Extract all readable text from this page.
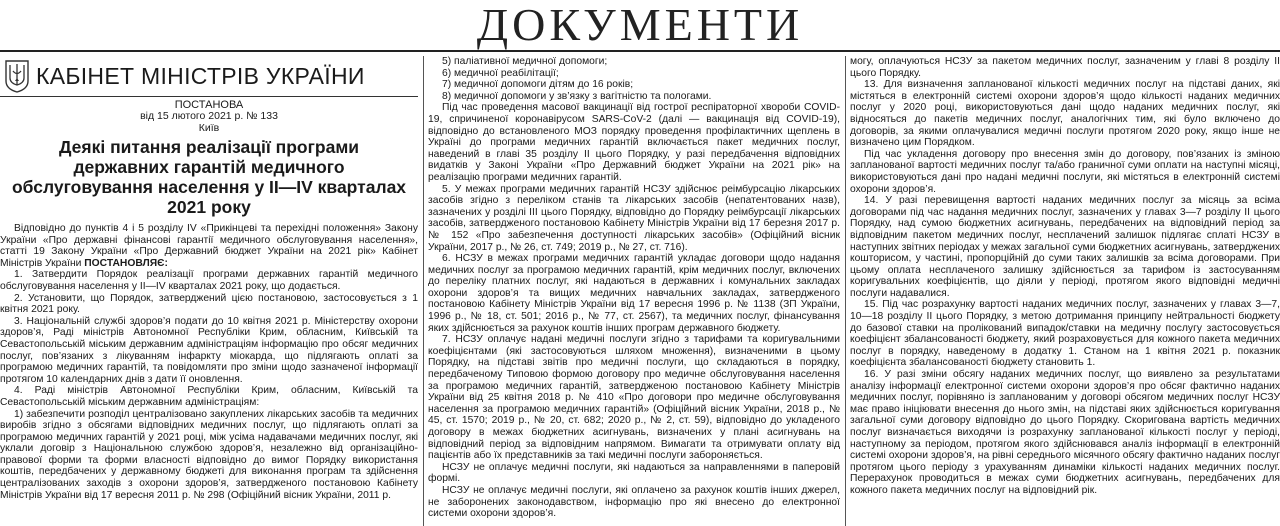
ДОКУМЕНТИ
КАБІНЕТ МІНІСТРІВ УКРАЇНИ
ПОСТАНОВА
від 15 лютого 2021 р. № 133
Київ
Деякі питання реалізації програми державних гарантій медичного обслуговування населення у II—IV кварталах 2021 року

Відповідно до пунктів 4 і 5 розділу IV «Прикінцеві та перехідні положення» Закону України «Про державні фінансові гарантії медичного обслуговування населення», статті 19 Закону України «Про Державний бюджет України на 2021 рік» Кабінет Міністрів України ПОСТАНОВЛЯЄ:

1. Затвердити Порядок реалізації програми державних гарантій медичного обслуговування населення у II—IV кварталах 2021 року, що додається.

2. Установити, що Порядок, затверджений цією постановою, застосовується з 1 квітня 2021 року.

3. Національній службі здоров’я подати до 10 квітня 2021 р. Міністерству охорони здоров’я, Раді міністрів Автономної Республіки Крим, обласним, Київській та Севастопольській міським державним адміністраціям інформацію про обсяг медичних послуг, пов’язаних з лікуванням інфаркту міокарда, що підлягають оплаті за програмою медичних гарантій, та повідомляти про зміни щодо зазначеної інформації протягом 10 календарних днів з дати її оновлення.

4. Раді міністрів Автономної Республіки Крим, обласним, Київській та Севастопольській міським державним адміністраціям:

1) забезпечити розподіл централізовано закуплених лікарських засобів та медичних виробів згідно з обсягами відповідних медичних послуг, що підлягають оплаті за програмою медичних гарантій у 2021 році, між усіма надавачами медичних послуг, які уклали договір з Національною службою здоров’я, незалежно від організаційно-правової форми та форми власності відповідно до вимог Порядку використання коштів, передбачених у державному бюджеті для виконання програм та здійснення централізованих заходів з охорони здоров’я, затвердженого постановою Кабінету Міністрів України від 17 вересня 2011 р. № 298 (Офіційний вісник України, 2011 р.

5) паліативної медичної допомоги;

6) медичної реабілітації;

7) медичної допомоги дітям до 16 років;

8) медичної допомоги у зв’язку з вагітністю та пологами.

Під час проведення масової вакцинації від гострої респіраторної хвороби COVID-19, спричиненої коронавірусом SARS-CoV-2 (далі — вакцинація від COVID-19), відповідно до встановленого МОЗ порядку проведення профілактичних щеплень в Україні до програми медичних гарантій включається пакет медичних послуг, наведений в главі 35 розділу II цього Порядку, у разі передбачення відповідних видатків у Законі України «Про Державний бюджет України на 2021 рік» на реалізацію програми медичних гарантій.

5. У межах програми медичних гарантій НСЗУ здійснює реімбурсацію лікарських засобів згідно з переліком станів та лікарських засобів (непатентованих назв), зазначених у розділі III цього Порядку, відповідно до Порядку реімбурсації лікарських засобів, затвердженого постановою Кабінету Міністрів України від 17 березня 2017 р. № 152 «Про забезпечення доступності лікарських засобів» (Офіційний вісник України, 2017 р., № 26, ст. 749; 2019 р., № 27, ст. 716).

6. НСЗУ в межах програми медичних гарантій укладає договори щодо надання медичних послуг за програмою медичних гарантій, крім медичних послуг, включених до переліку платних послуг, які надаються в державних і комунальних закладах охорони здоров’я та вищих медичних навчальних закладах, затвердженого постановою Кабінету Міністрів України від 17 вересня 1996 р. № 1138 (ЗП України, 1996 р., № 18, ст. 501; 2016 р., № 77, ст. 2567), та медичних послуг, фінансування яких здійснюється за рахунок коштів інших програм державного бюджету.

7. НСЗУ оплачує надані медичні послуги згідно з тарифами та коригувальними коефіцієнтами (які застосовуються шляхом множення), визначеними в цьому Порядку, на підставі звітів про медичні послуги, що складаються в порядку, передбаченому Типовою формою договору про медичне обслуговування населення за програмою медичних гарантій, затвердженою постановою Кабінету Міністрів України від 25 квітня 2018 р. № 410 «Про договори про медичне обслуговування населення за програмою медичних гарантій» (Офіційний вісник України, 2018 р., № 45, ст. 1570; 2019 р., № 20, ст. 682; 2020 р., № 2, ст. 59), відповідно до укладеного договору в межах бюджетних асигнувань, визначених у плані асигнувань на відповідний період за відповідним напрямом. Вимагати та отримувати оплату від пацієнтів або їх представників за такі медичні послуги забороняється.

НСЗУ не оплачує медичні послуги, які надаються за направленнями в паперовій формі.

НСЗУ не оплачує медичні послуги, які оплачено за рахунок коштів інших джерел, не заборонених законодавством, інформацію про які внесено до електронної системи охорони здоров’я.

могу, оплачуються НСЗУ за пакетом медичних послуг, зазначеним у главі 8 розділу II цього Порядку.

13. Для визначення запланованої кількості медичних послуг на підставі даних, які містяться в електронній системі охорони здоров’я щодо кількості наданих медичних послуг у 2020 році, використовуються дані щодо наданих медичних послуг, які відносяться до пакетів медичних послуг, аналогічних тим, які було включено до договорів, за якими оплачувалися медичні послуги протягом 2020 року, якщо інше не визначено цим Порядком.

Під час укладення договору про внесення змін до договору, пов’язаних із зміною запланованої вартості медичних послуг та/або граничної суми оплати на наступні місяці, використовуються дані про надані медичні послуги, які містяться в електронній системі охорони здоров’я.

14. У разі перевищення вартості наданих медичних послуг за місяць за всіма договорами під час надання медичних послуг, зазначених у главах 3—7 розділу II цього Порядку, над сумою бюджетних асигнувань, передбачених на відповідний період за відповідним пакетом медичних послуг, несплачений залишок підлягає сплаті НСЗУ в наступних звітних періодах у межах загальної суми бюджетних асигнувань, затверджених кошторисом, у частині, пропорційній до суми таких залишків за всіма договорами. При цьому оплата несплаченого залишку здійснюється за тарифом із застосуванням коригувальних коефіцієнтів, що діяли у періоді, протягом якого відповідні медичні послуги надавалися.

15. Під час розрахунку вартості наданих медичних послуг, зазначених у главах 3—7, 10—18 розділу II цього Порядку, з метою дотримання принципу нейтральності бюджету до базової ставки на пролікований випадок/ставки на медичну послугу застосовується коефіцієнт збалансованості бюджету, який розраховується для кожного пакета медичних послуг в порядку, наведеному в додатку 1. Станом на 1 квітня 2021 р. показник коефіцієнта збалансованості бюджету становить 1.

16. У разі зміни обсягу наданих медичних послуг, що виявлено за результатами аналізу інформації електронної системи охорони здоров’я про обсяг фактично наданих медичних послуг, порівняно із запланованим у договорі обсягом медичних послуг НСЗУ має право ініціювати внесення до нього змін, на підставі яких здійснюється коригування загальної суми договору відповідно до цього Порядку. Скоригована вартість медичних послуг визначається виходячи із розрахунку запланованої кількості послуг у періоді, наступному за періодом, протягом якого здійснювався аналіз інформації в електронній системі охорони здоров’я, на рівні середнього місячного обсягу фактично наданих послуг протягом цього періоду з урахуванням динаміки кількості наданих медичних послуг. Перерахунок проводиться в межах суми бюджетних асигнувань, передбачених для кожного пакета медичних послуг на відповідний рік.
